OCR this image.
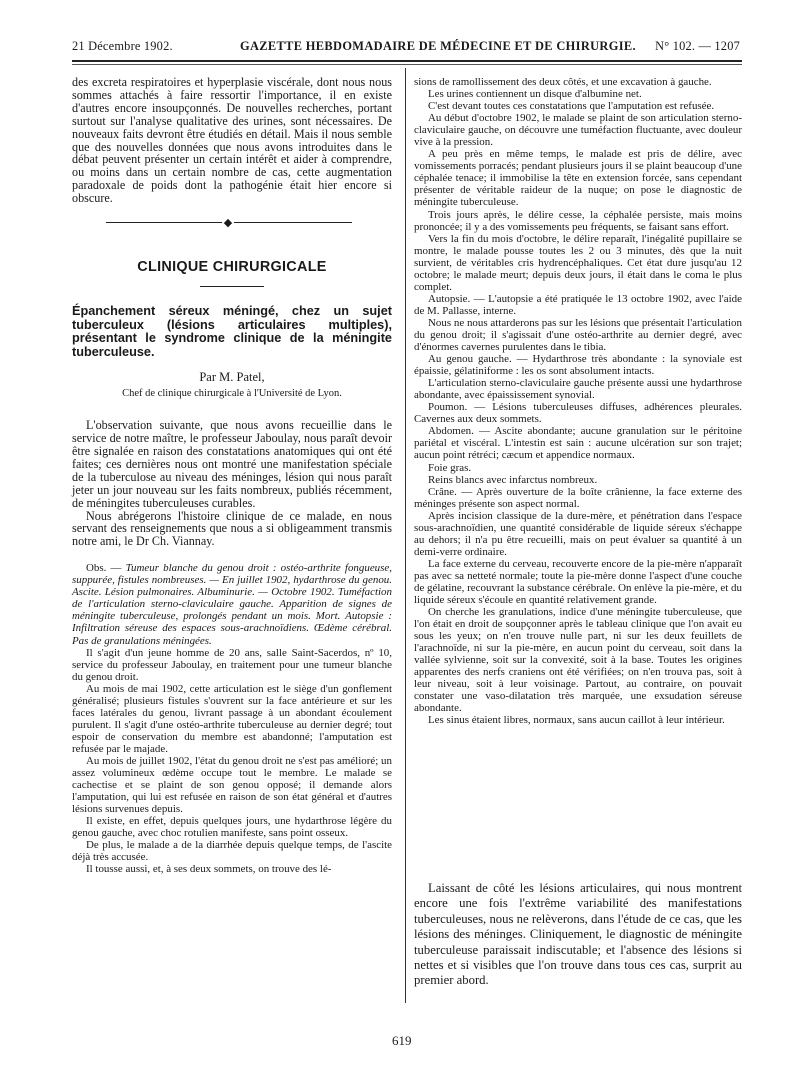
21 Décembre 1902.	GAZETTE HEBDOMADAIRE DE MÉDECINE ET DE CHIRURGIE. N° 102. — 1207

des excreta respiratoires et hyperplasie viscérale, dont nous nous sommes attachés à faire ressortir l'importance, il en existe d'autres encore insoupçonnés. De nouvelles recherches, portant surtout sur l'analyse qualitative des urines, sont nécessaires. De nouveaux faits devront être étudiés en détail. Mais il nous semble que des nouvelles données que nous avons introduites dans le débat peuvent présenter un certain intérêt et aider à comprendre, ou moins dans un certain nombre de cas, cette augmentation paradoxale de poids dont la pathogénie était hier encore si obscure.

◆
CLINIQUE CHIRURGICALE
Épanchement séreux méningé, chez un sujet tuberculeux (lésions articulaires multiples), présentant le syndrome clinique de la méningite tuberculeuse.
Par M. Patel,
Chef de clinique chirurgicale à l'Université de Lyon.

L'observation suivante, que nous avons recueillie dans le service de notre maître, le professeur Jaboulay, nous paraît devoir être signalée en raison des constatations anatomiques qui ont été faites; ces dernières nous ont montré une manifestation spéciale de la tuberculose au niveau des méninges, lésion qui nous paraît jeter un jour nouveau sur les faits nombreux, publiés récemment, de méningites tuberculeuses curables.

Nous abrégerons l'histoire clinique de ce malade, en nous servant des renseignements que nous a si obligeamment transmis notre ami, le Dr Ch. Viannay.

Obs. — Tumeur blanche du genou droit : ostéo-arthrite fongueuse, suppurée, fistules nombreuses. — En juillet 1902, hydarthrose du genou. Ascite. Lésion pulmonaires. Albuminurie. — Octobre 1902. Tuméfaction de l'articulation sterno-claviculaire gauche. Apparition de signes de méningite tuberculeuse, prolongés pendant un mois. Mort. Autopsie : Infiltration séreuse des espaces sous-arachnoïdiens. Œdème cérébral. Pas de granulations méningées.

Il s'agit d'un jeune homme de 20 ans, salle Saint-Sacerdos, nº 10, service du professeur Jaboulay, en traitement pour une tumeur blanche du genou droit.

Au mois de mai 1902, cette articulation est le siège d'un gonflement généralisé; plusieurs fistules s'ouvrent sur la face antérieure et sur les faces latérales du genou, livrant passage à un abondant écoulement purulent. Il s'agit d'une ostéo-arthrite tuberculeuse au dernier degré; tout espoir de conservation du membre est abandonné; l'amputation est refusée par le majade.

Au mois de juillet 1902, l'état du genou droit ne s'est pas amélioré; un assez volumineux œdème occupe tout le membre. Le malade se cachectise et se plaint de son genou opposé; il demande alors l'amputation, qui lui est refusée en raison de son état général et d'autres lésions survenues depuis.

Il existe, en effet, depuis quelques jours, une hydarthrose légère du genou gauche, avec choc rotulien manifeste, sans point osseux.

De plus, le malade a de la diarrhée depuis quelque temps, de l'ascite déjà très accusée.

Il tousse aussi, et, à ses deux sommets, on trouve des lé-

sions de ramollissement des deux côtés, et une excavation à gauche.

Les urines contiennent un disque d'albumine net.

C'est devant toutes ces constatations que l'amputation est refusée.

Au début d'octobre 1902, le malade se plaint de son articulation sterno-claviculaire gauche, on découvre une tuméfaction fluctuante, avec douleur vive à la pression.

A peu près en même temps, le malade est pris de délire, avec vomissements porracés; pendant plusieurs jours il se plaint beaucoup d'une céphalée tenace; il immobilise la tête en extension forcée, sans cependant présenter de véritable raideur de la nuque; on pose le diagnostic de méningite tuberculeuse.

Trois jours après, le délire cesse, la céphalée persiste, mais moins prononcée; il y a des vomissements peu fréquents, se faisant sans effort.

Vers la fin du mois d'octobre, le délire reparaît, l'inégalité pupillaire se montre, le malade pousse toutes les 2 ou 3 minutes, dès que la nuit survient, de véritables cris hydrencéphaliques. Cet état dure jusqu'au 12 octobre; le malade meurt; depuis deux jours, il était dans le coma le plus complet.

Autopsie. — L'autopsie a été pratiquée le 13 octobre 1902, avec l'aide de M. Pallasse, interne.

Nous ne nous attarderons pas sur les lésions que présentait l'articulation du genou droit; il s'agissait d'une ostéo-arthrite au dernier degré, avec d'énormes cavernes purulentes dans le tibia.

Au genou gauche. — Hydarthrose très abondante : la synoviale est épaissie, gélatiniforme : les os sont absolument intacts.

L'articulation sterno-claviculaire gauche présente aussi une hydarthrose abondante, avec épaississement synovial.

Poumon. — Lésions tuberculeuses diffuses, adhérences pleurales. Cavernes aux deux sommets.

Abdomen. — Ascite abondante; aucune granulation sur le péritoine pariétal et viscéral. L'intestin est sain : aucune ulcération sur son trajet; aucun point rétréci; cæcum et appendice normaux.

Foie gras.

Reins blancs avec infarctus nombreux.

Crâne. — Après ouverture de la boîte crânienne, la face externe des méninges présente son aspect normal.

Après incision classique de la dure-mère, et pénétration dans l'espace sous-arachnoïdien, une quantité considérable de liquide séreux s'échappe au dehors; il n'a pu être recueilli, mais on peut évaluer sa quantité à un demi-verre ordinaire.

La face externe du cerveau, recouverte encore de la pie-mère n'apparaît pas avec sa netteté normale; toute la pie-mère donne l'aspect d'une couche de gélatine, recouvrant la substance cérébrale. On enlève la pie-mère, et du liquide séreux s'écoule en quantité relativement grande.

On cherche les granulations, indice d'une méningite tuberculeuse, que l'on était en droit de soupçonner après le tableau clinique que l'on avait eu sous les yeux; on n'en trouve nulle part, ni sur les deux feuillets de l'arachnoïde, ni sur la pie-mère, en aucun point du cerveau, soit dans la vallée sylvienne, soit sur la convexité, soit à la base. Toutes les origines apparentes des nerfs craniens ont été vérifiées; on n'en trouva pas, soit à leur niveau, soit à leur voisinage. Partout, au contraire, on pouvait constater une vaso-dilatation très marquée, une exsudation séreuse abondante.

Les sinus étaient libres, normaux, sans aucun caillot à leur intérieur.

Laissant de côté les lésions articulaires, qui nous montrent encore une fois l'extrême variabilité des manifestations tuberculeuses, nous ne relèverons, dans l'étude de ce cas, que les lésions des méninges. Cliniquement, le diagnostic de méningite tuberculeuse paraissait indiscutable; et l'absence des lésions si nettes et si visibles que l'on trouve dans tous ces cas, surprit au premier abord.

619
